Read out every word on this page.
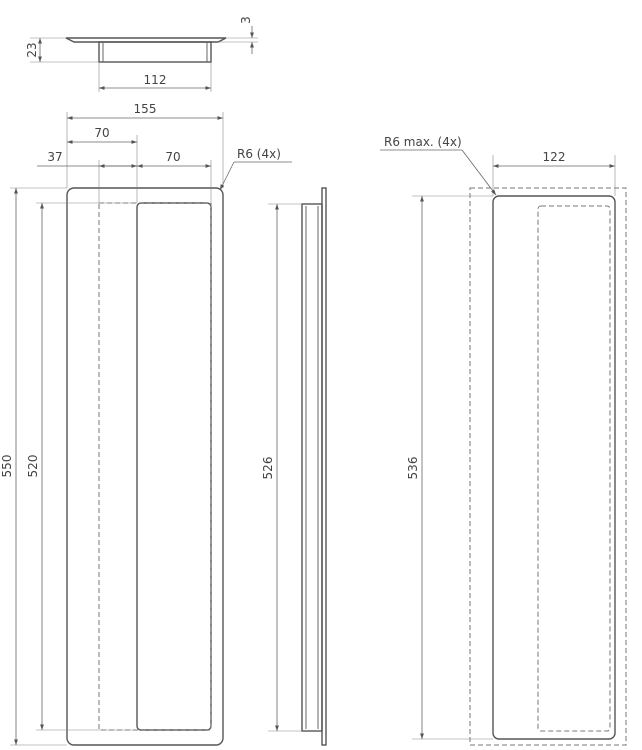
23
3
112
155
70
37	70	R6 (4x)
550 520	526
122
R6 max. (4x)
536
